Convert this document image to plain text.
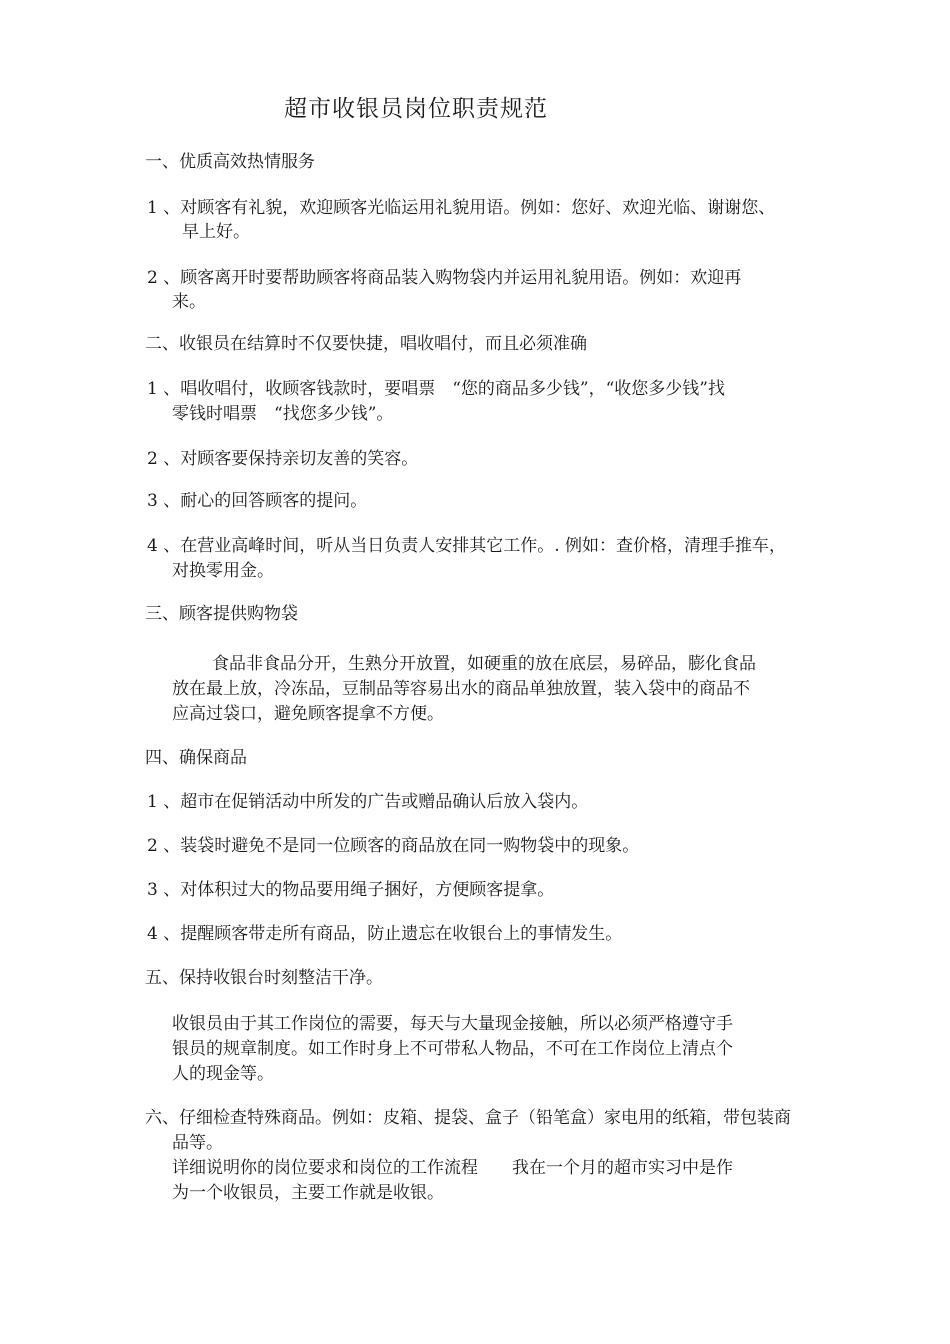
超市收银员岗位职责规范
一、优质高效热情服务
1 、对顾客有礼貌，欢迎顾客光临运用礼貌用语。例如：您好、欢迎光临、谢谢您、
早上好。
2 、顾客离开时要帮助顾客将商品装入购物袋内并运用礼貌用语。例如：欢迎再
来。
二、收银员在结算时不仅要快捷，唱收唱付，而且必须准确
1 、唱收唱付，收顾客钱款时，要唱票　“您的商品多少钱”，“收您多少钱”找
零钱时唱票　“找您多少钱”。
2 、对顾客要保持亲切友善的笑容。
3 、耐心的回答顾客的提问。
4 、在营业高峰时间，听从当日负责人安排其它工作。. 例如：查价格，清理手推车，
对换零用金。
三、顾客提供购物袋
食品非食品分开，生熟分开放置，如硬重的放在底层，易碎品，膨化食品
放在最上放，冷冻品，豆制品等容易出水的商品单独放置，装入袋中的商品不
应高过袋口，避免顾客提拿不方便。
四、确保商品
1 、超市在促销活动中所发的广告或赠品确认后放入袋内。
2 、装袋时避免不是同一位顾客的商品放在同一购物袋中的现象。
3 、对体积过大的物品要用绳子捆好，方便顾客提拿。
4 、提醒顾客带走所有商品，防止遗忘在收银台上的事情发生。
五、保持收银台时刻整洁干净。
收银员由于其工作岗位的需要，每天与大量现金接触，所以必须严格遵守手
银员的规章制度。如工作时身上不可带私人物品，不可在工作岗位上清点个
人的现金等。
六、仔细检查特殊商品。例如：皮箱、提袋、盒子（铅笔盒）家电用的纸箱，带包装商
品等。
详细说明你的岗位要求和岗位的工作流程　　我在一个月的超市实习中是作
为一个收银员，主要工作就是收银。
